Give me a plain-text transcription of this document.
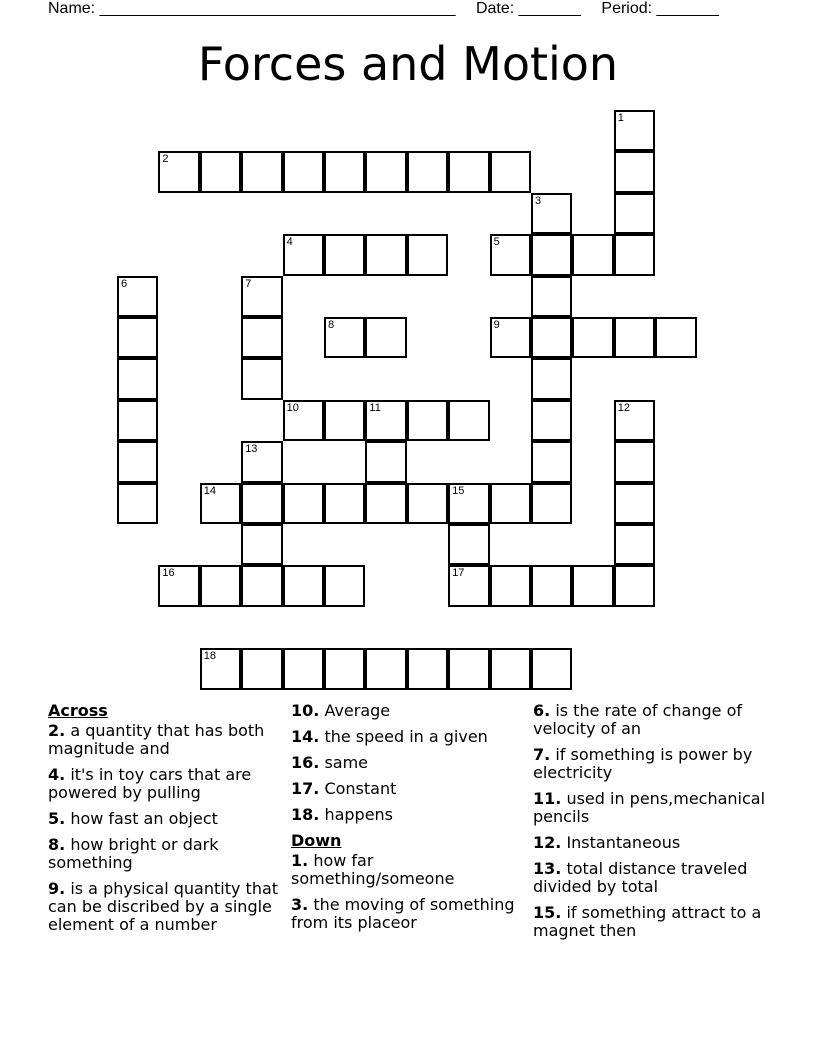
Name: ________________________________________ Date: _______ Period: _______
Forces and Motion
1
2
3
4	5
6	7
8	9
10	11	12
13
14	15
17
16
18
Across
2. a quantity that has both magnitude and
4. it's in toy cars that are powered by pulling
5. how fast an object
8. how bright or dark something
9. is a physical quantity that can be discribed by a single element of a number
10. Average
14. the speed in a given
16. same
17. Constant
18. happens
Down
1. how far something/someone
3. the moving of something from its placeor
6. is the rate of change of velocity of an
7. if something is power by electricity
11. used in pens,mechanical pencils
12. Instantaneous
13. total distance traveled divided by total
15. if something attract to a magnet then
